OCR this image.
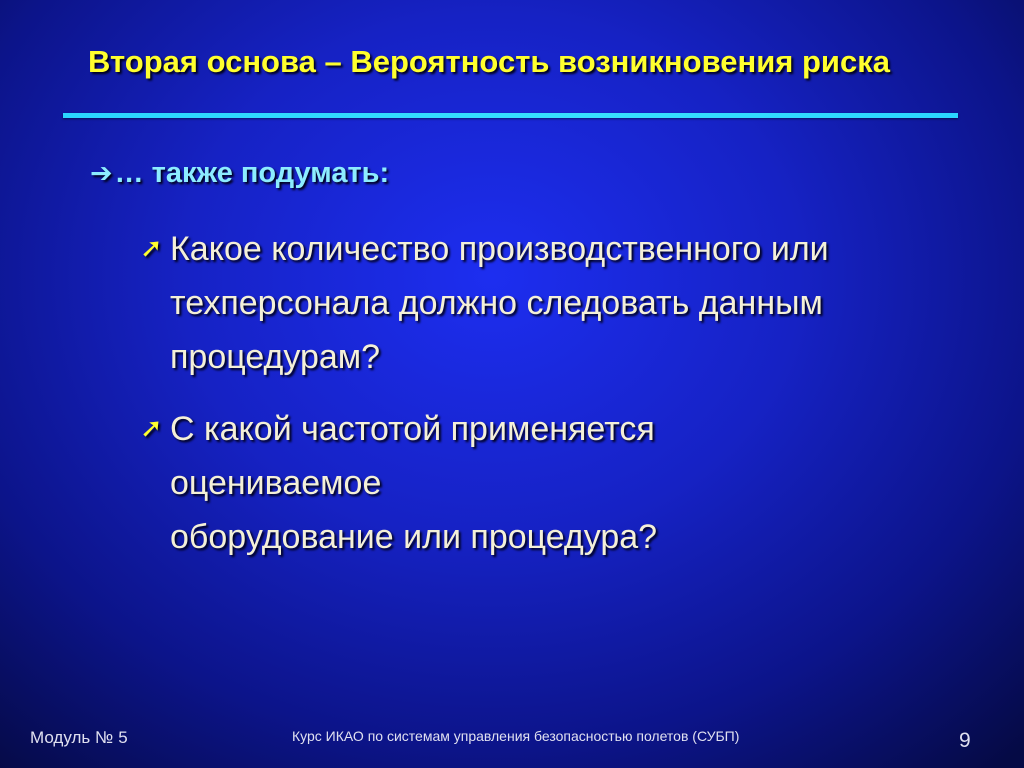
Вторая основа – Вероятность возникновения риска
➔ … также подумать:
➚ Какое количество производственного или
техперсонала должно следовать данным
процедурам?
➚ С какой частотой применяется оцениваемое
оборудование или процедура?
Модуль № 5	Курс ИКАО по системам управления безопасностью полетов (СУБП)	9
